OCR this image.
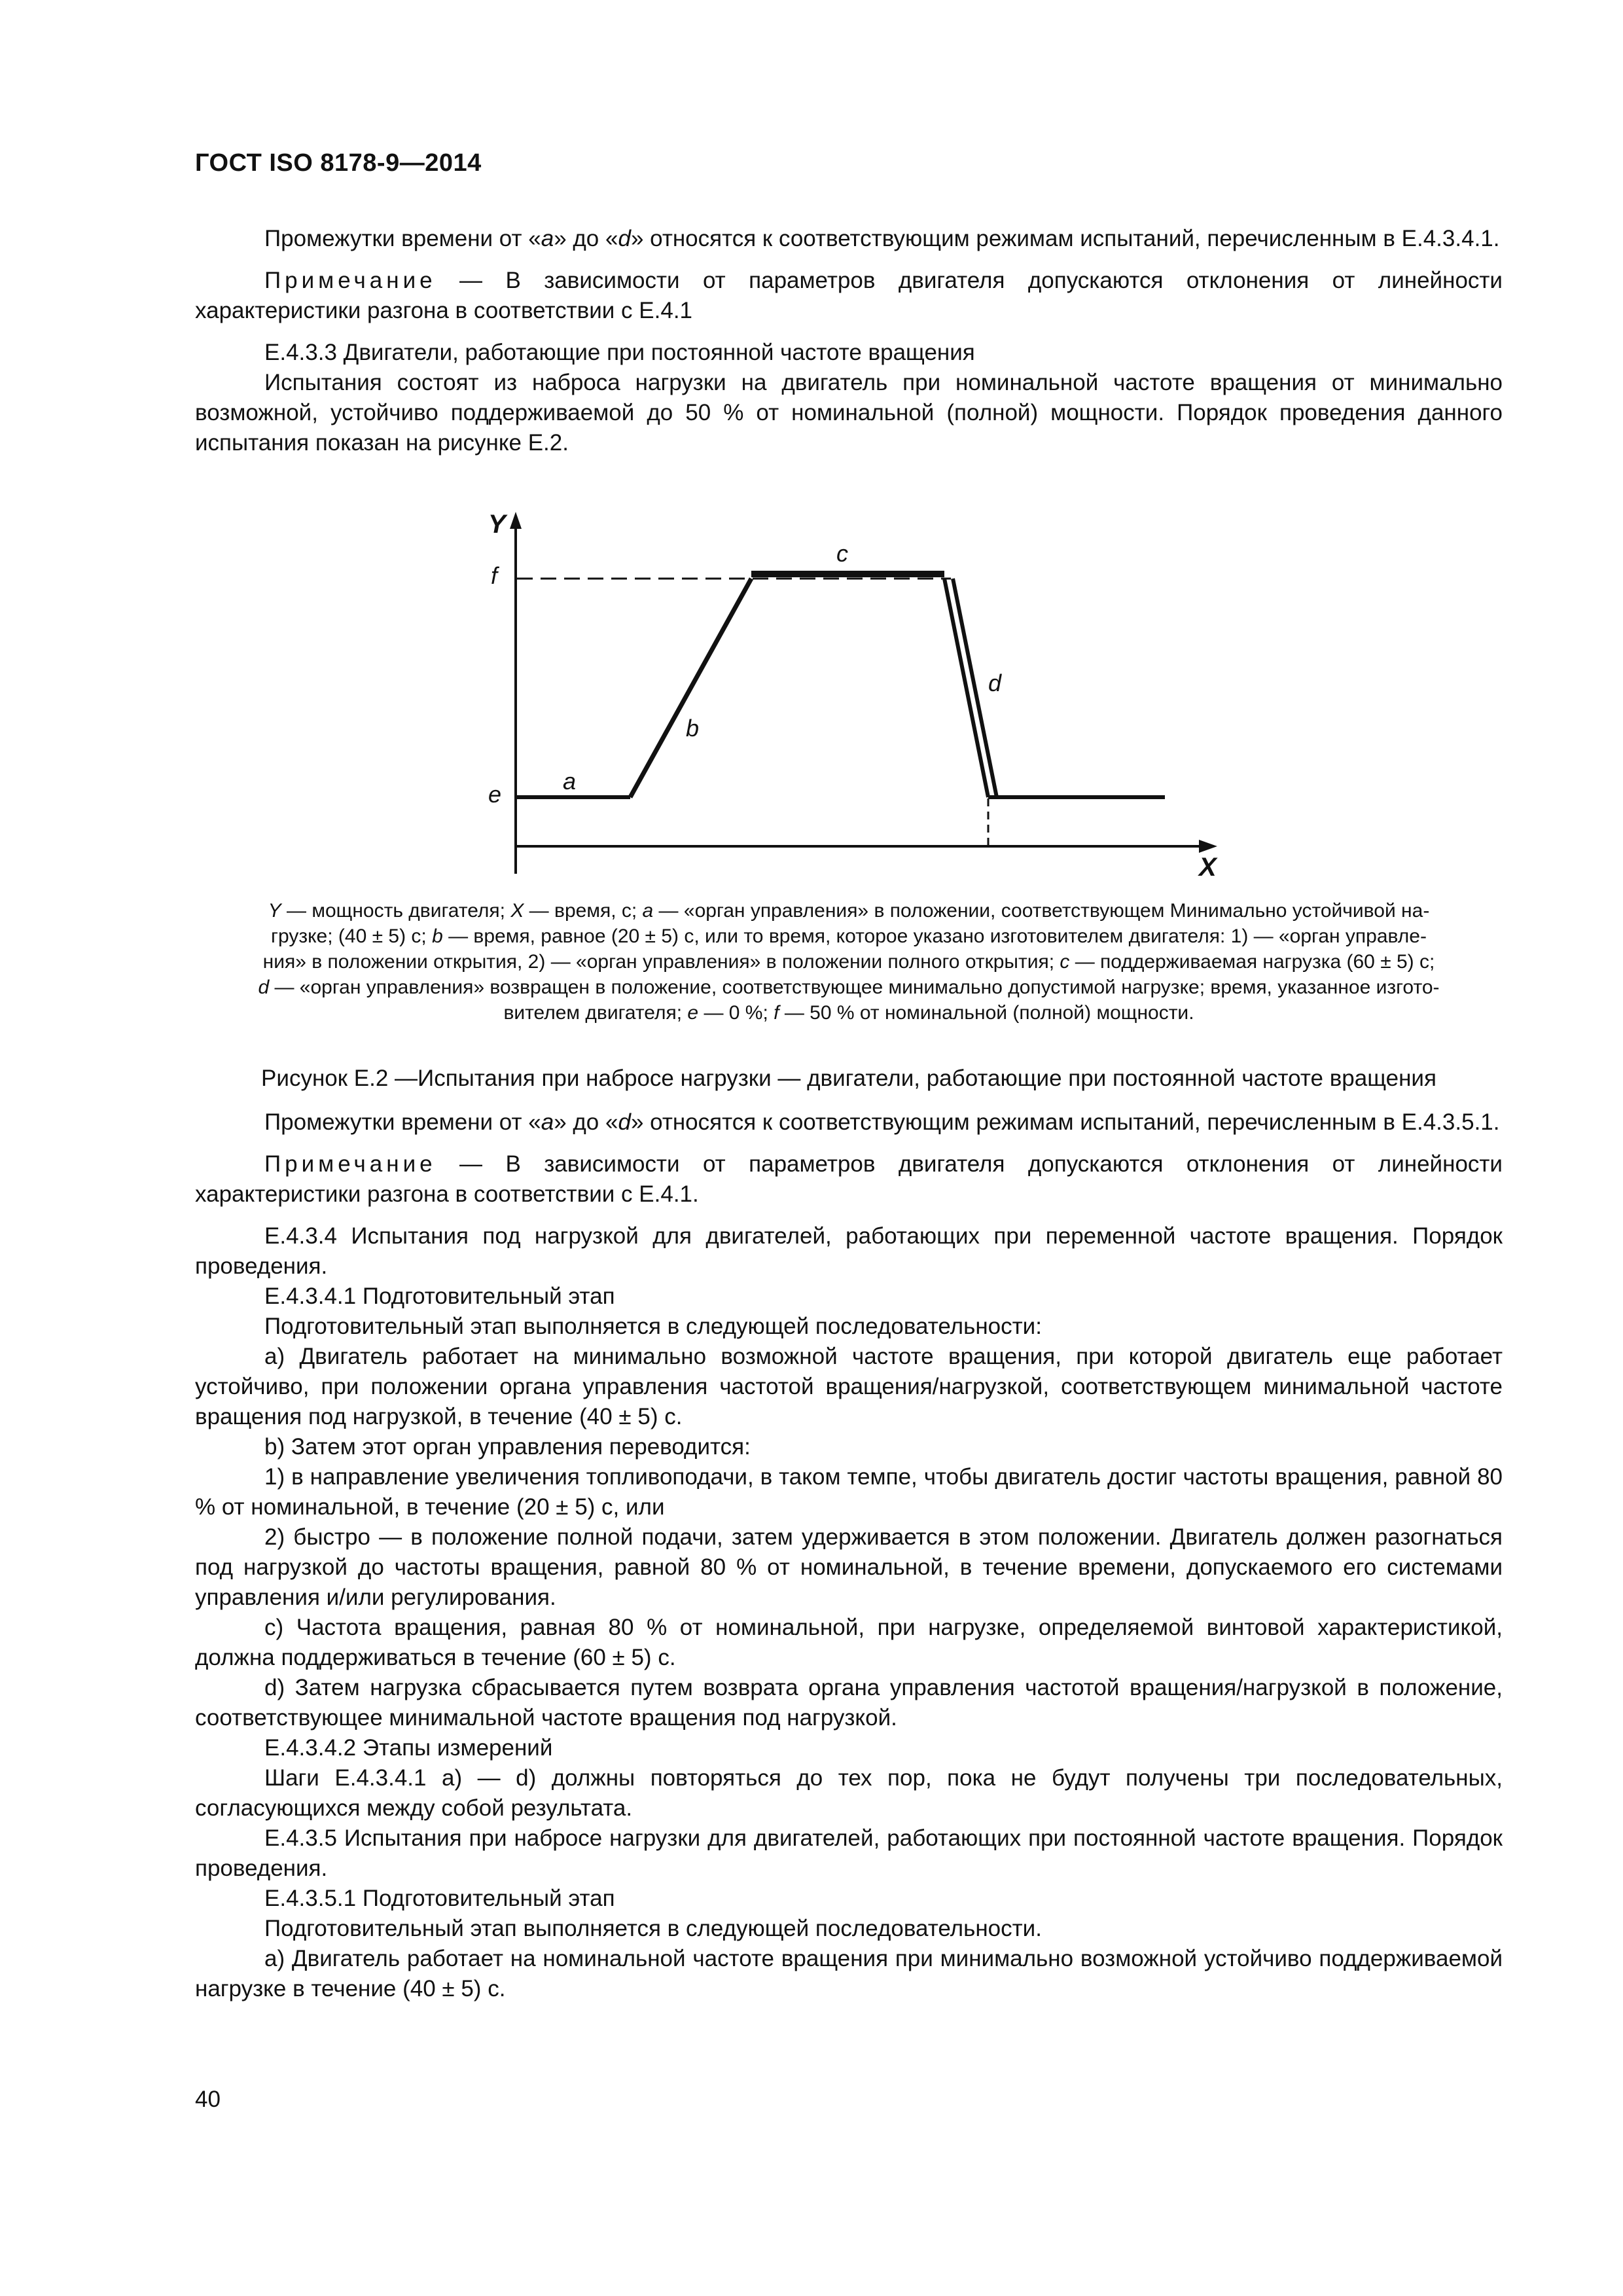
ГОСТ ISO 8178-9—2014

Промежутки времени от «a» до «d» относятся к соответствующим режимам испытаний, перечисленным в Е.4.3.4.1.

Примечание — В зависимости от параметров двигателя допускаются отклонения от линейности характеристики разгона в соответствии с Е.4.1

Е.4.3.3 Двигатели, работающие при постоянной частоте вращения

Испытания состоят из наброса нагрузки на двигатель при номинальной частоте вращения от минимально возможной, устойчиво поддерживаемой до 50 % от номинальной (полной) мощности. Порядок проведения данного испытания показан на рисунке Е.2.

Y
X
f
e	a
b
c
d
Y — мощность двигателя; X — время, с; a — «орган управления» в положении, соответствующем Минимально устойчивой на-
грузке; (40 ± 5) с; b — время, равное (20 ± 5) с, или то время, которое указано изготовителем двигателя: 1) — «орган управле-
ния» в положении открытия, 2) — «орган управления» в положении полного открытия; c — поддерживаемая нагрузка (60 ± 5) с;
d — «орган управления» возвращен в положение, соответствующее минимально допустимой нагрузке; время, указанное изгото-
вителем двигателя; e — 0 %; f — 50 % от номинальной (полной) мощности.
Рисунок Е.2 —Испытания при набросе нагрузки — двигатели, работающие при постоянной частоте вращения

Промежутки времени от «a» до «d» относятся к соответствующим режимам испытаний, перечисленным в Е.4.3.5.1.

Примечание — В зависимости от параметров двигателя допускаются отклонения от линейности характеристики разгона в соответствии с Е.4.1.

Е.4.3.4 Испытания под нагрузкой для двигателей, работающих при переменной частоте вращения. Порядок проведения.

Е.4.3.4.1 Подготовительный этап

Подготовительный этап выполняется в следующей последовательности:

а) Двигатель работает на минимально возможной частоте вращения, при которой двигатель еще работает устойчиво, при положении органа управления частотой вращения/нагрузкой, соответствующем минимальной частоте вращения под нагрузкой, в течение (40 ± 5) с.

b) Затем этот орган управления переводится:

1) в направление увеличения топливоподачи, в таком темпе, чтобы двигатель достиг частоты вращения, равной 80 % от номинальной, в течение (20 ± 5) с, или

2) быстро — в положение полной подачи, затем удерживается в этом положении. Двигатель должен разогнаться под нагрузкой до частоты вращения, равной 80 % от номинальной, в течение времени, допускаемого его системами управления и/или регулирования.

с) Частота вращения, равная 80 % от номинальной, при нагрузке, определяемой винтовой характеристикой, должна поддерживаться в течение (60 ± 5) с.

d) Затем нагрузка сбрасывается путем возврата органа управления частотой вращения/нагрузкой в положение, соответствующее минимальной частоте вращения под нагрузкой.

Е.4.3.4.2 Этапы измерений

Шаги Е.4.3.4.1 а) — d) должны повторяться до тех пор, пока не будут получены три последовательных, согласующихся между собой результата.

Е.4.3.5 Испытания при набросе нагрузки для двигателей, работающих при постоянной частоте вращения. Порядок проведения.

Е.4.3.5.1 Подготовительный этап

Подготовительный этап выполняется в следующей последовательности.

а) Двигатель работает на номинальной частоте вращения при минимально возможной устойчиво поддерживаемой нагрузке в течение (40 ± 5) с.

40
